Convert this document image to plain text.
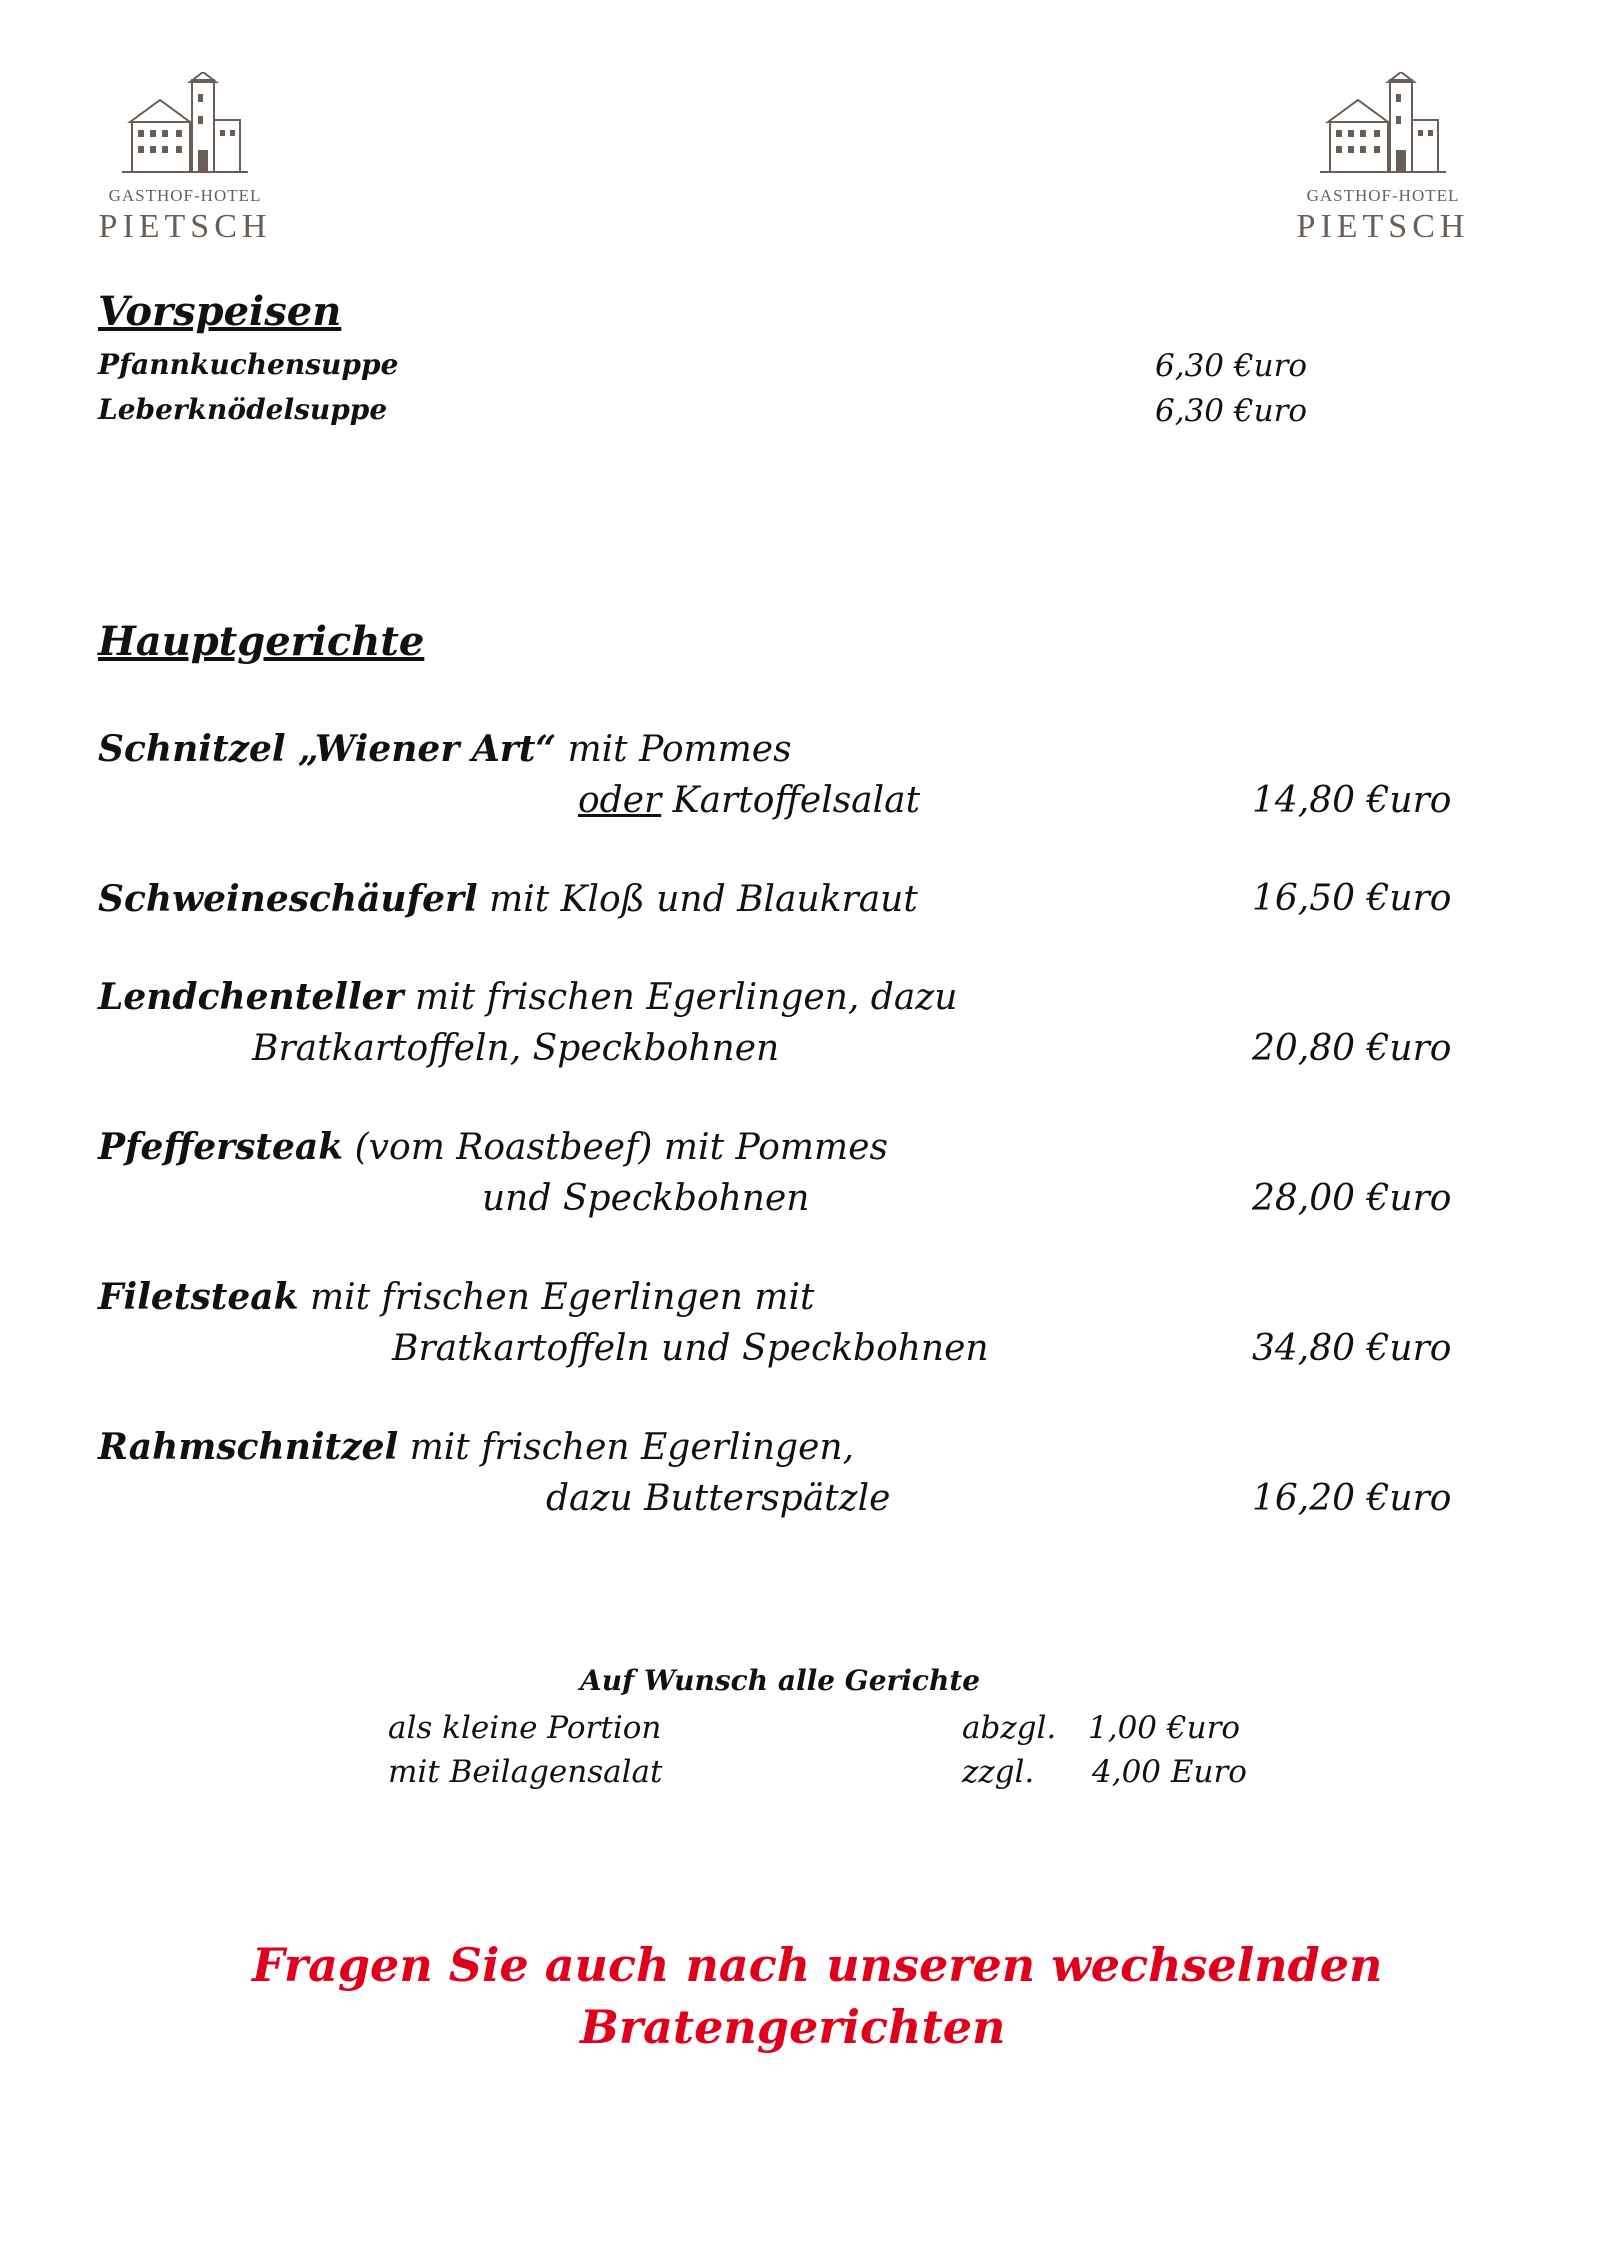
GASTHOF-HOTEL
PIETSCH
GASTHOF-HOTEL
PIETSCH
Vorspeisen
Pfannkuchensuppe	6,30 €uro
Leberknödelsuppe	6,30 €uro
Hauptgerichte
Schnitzel „Wiener Art“ mit Pommes
oder Kartoffelsalat	14,80 €uro
Schweineschäuferl mit Kloß und Blaukraut	16,50 €uro
Lendchenteller mit frischen Egerlingen, dazu
Bratkartoffeln, Speckbohnen	20,80 €uro
Pfeffersteak (vom Roastbeef) mit Pommes
und Speckbohnen	28,00 €uro
Filetsteak mit frischen Egerlingen mit
Bratkartoffeln und Speckbohnen	34,80 €uro
Rahmschnitzel mit frischen Egerlingen,
dazu Butterspätzle	16,20 €uro
Auf Wunsch alle Gerichte
als kleine Portion	abzgl. 1,00 €uro
mit Beilagensalat	zzgl. 4,00 Euro
Fragen Sie auch nach unseren wechselnden
Bratengerichten
